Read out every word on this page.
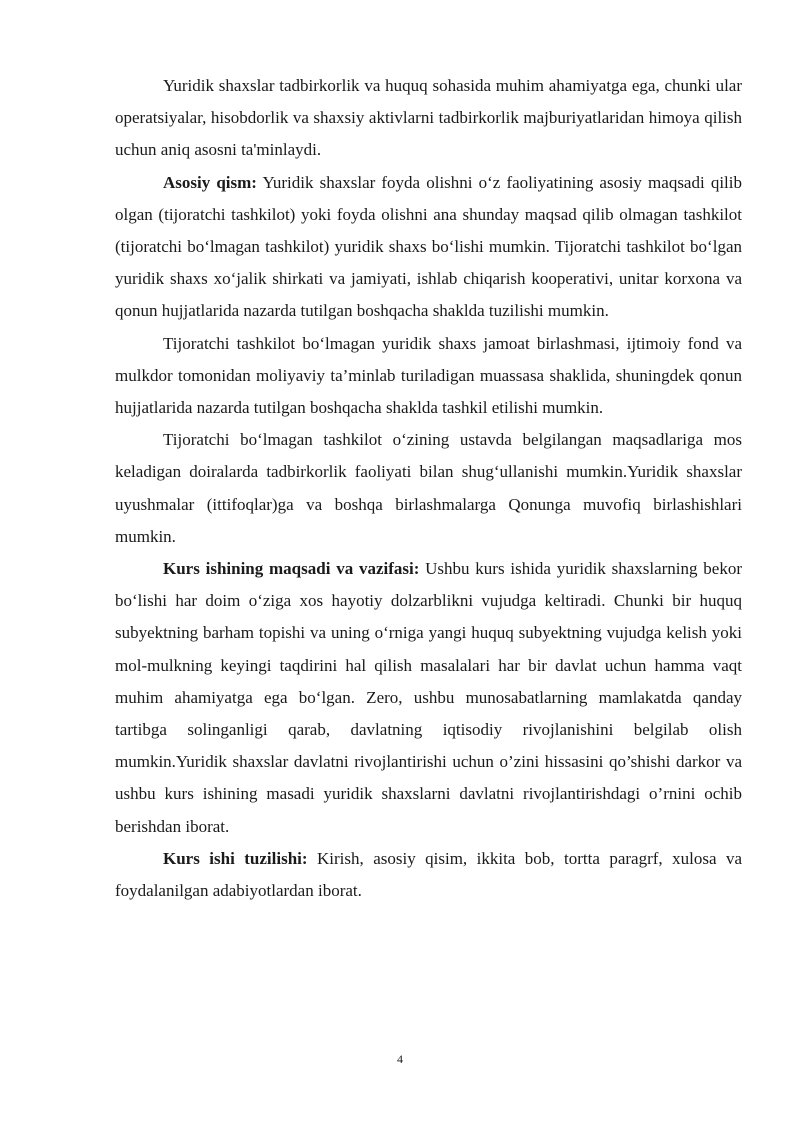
Yuridik shaxslar tadbirkorlik va huquq sohasida muhim ahamiyatga ega, chunki ular operatsiyalar, hisobdorlik va shaxsiy aktivlarni tadbirkorlik majburiyatlaridan himoya qilish uchun aniq asosni ta'minlaydi.

Asosiy qism: Yuridik shaxslar foyda olishni o‘z faoliyatining asosiy maqsadi qilib olgan (tijoratchi tashkilot) yoki foyda olishni ana shunday maqsad qilib olmagan tashkilot (tijoratchi bo‘lmagan tashkilot) yuridik shaxs bo‘lishi mumkin. Tijoratchi tashkilot bo‘lgan yuridik shaxs xo‘jalik shirkati va jamiyati, ishlab chiqarish kooperativi, unitar korxona va qonun hujjatlarida nazarda tutilgan boshqacha shaklda tuzilishi mumkin.

Tijoratchi tashkilot bo‘lmagan yuridik shaxs jamoat birlashmasi, ijtimoiy fond va mulkdor tomonidan moliyaviy ta’minlab turiladigan muassasa shaklida, shuningdek qonun hujjatlarida nazarda tutilgan boshqacha shaklda tashkil etilishi mumkin.

Tijoratchi bo‘lmagan tashkilot o‘zining ustavda belgilangan maqsadlariga mos keladigan doiralarda tadbirkorlik faoliyati bilan shug‘ullanishi mumkin.Yuridik shaxslar uyushmalar (ittifoqlar)ga va boshqa birlashmalarga Qonunga muvofiq birlashishlari mumkin.

Kurs ishining maqsadi va vazifasi: Ushbu kurs ishida yuridik shaxslarning bekor bo‘lishi har doim o‘ziga xos hayotiy dolzarblikni vujudga keltiradi. Chunki bir huquq subyektning barham topishi va uning o‘rniga yangi huquq subyektning vujudga kelish yoki mol-mulkning keyingi taqdirini hal qilish masalalari har bir davlat uchun hamma vaqt muhim ahamiyatga ega bo‘lgan. Zero, ushbu munosabatlarning mamlakatda qanday tartibga solinganligi qarab, davlatning iqtisodiy rivojlanishini belgilab olish mumkin.Yuridik shaxslar davlatni rivojlantirishi uchun o’zini hissasini qo’shishi darkor va ushbu kurs ishining masadi yuridik shaxslarni davlatni rivojlantirishdagi o’rnini ochib berishdan iborat.

Kurs ishi tuzilishi: Kirish, asosiy qisim, ikkita bob, tortta paragrf, xulosa va foydalanilgan adabiyotlardan iborat.

4
